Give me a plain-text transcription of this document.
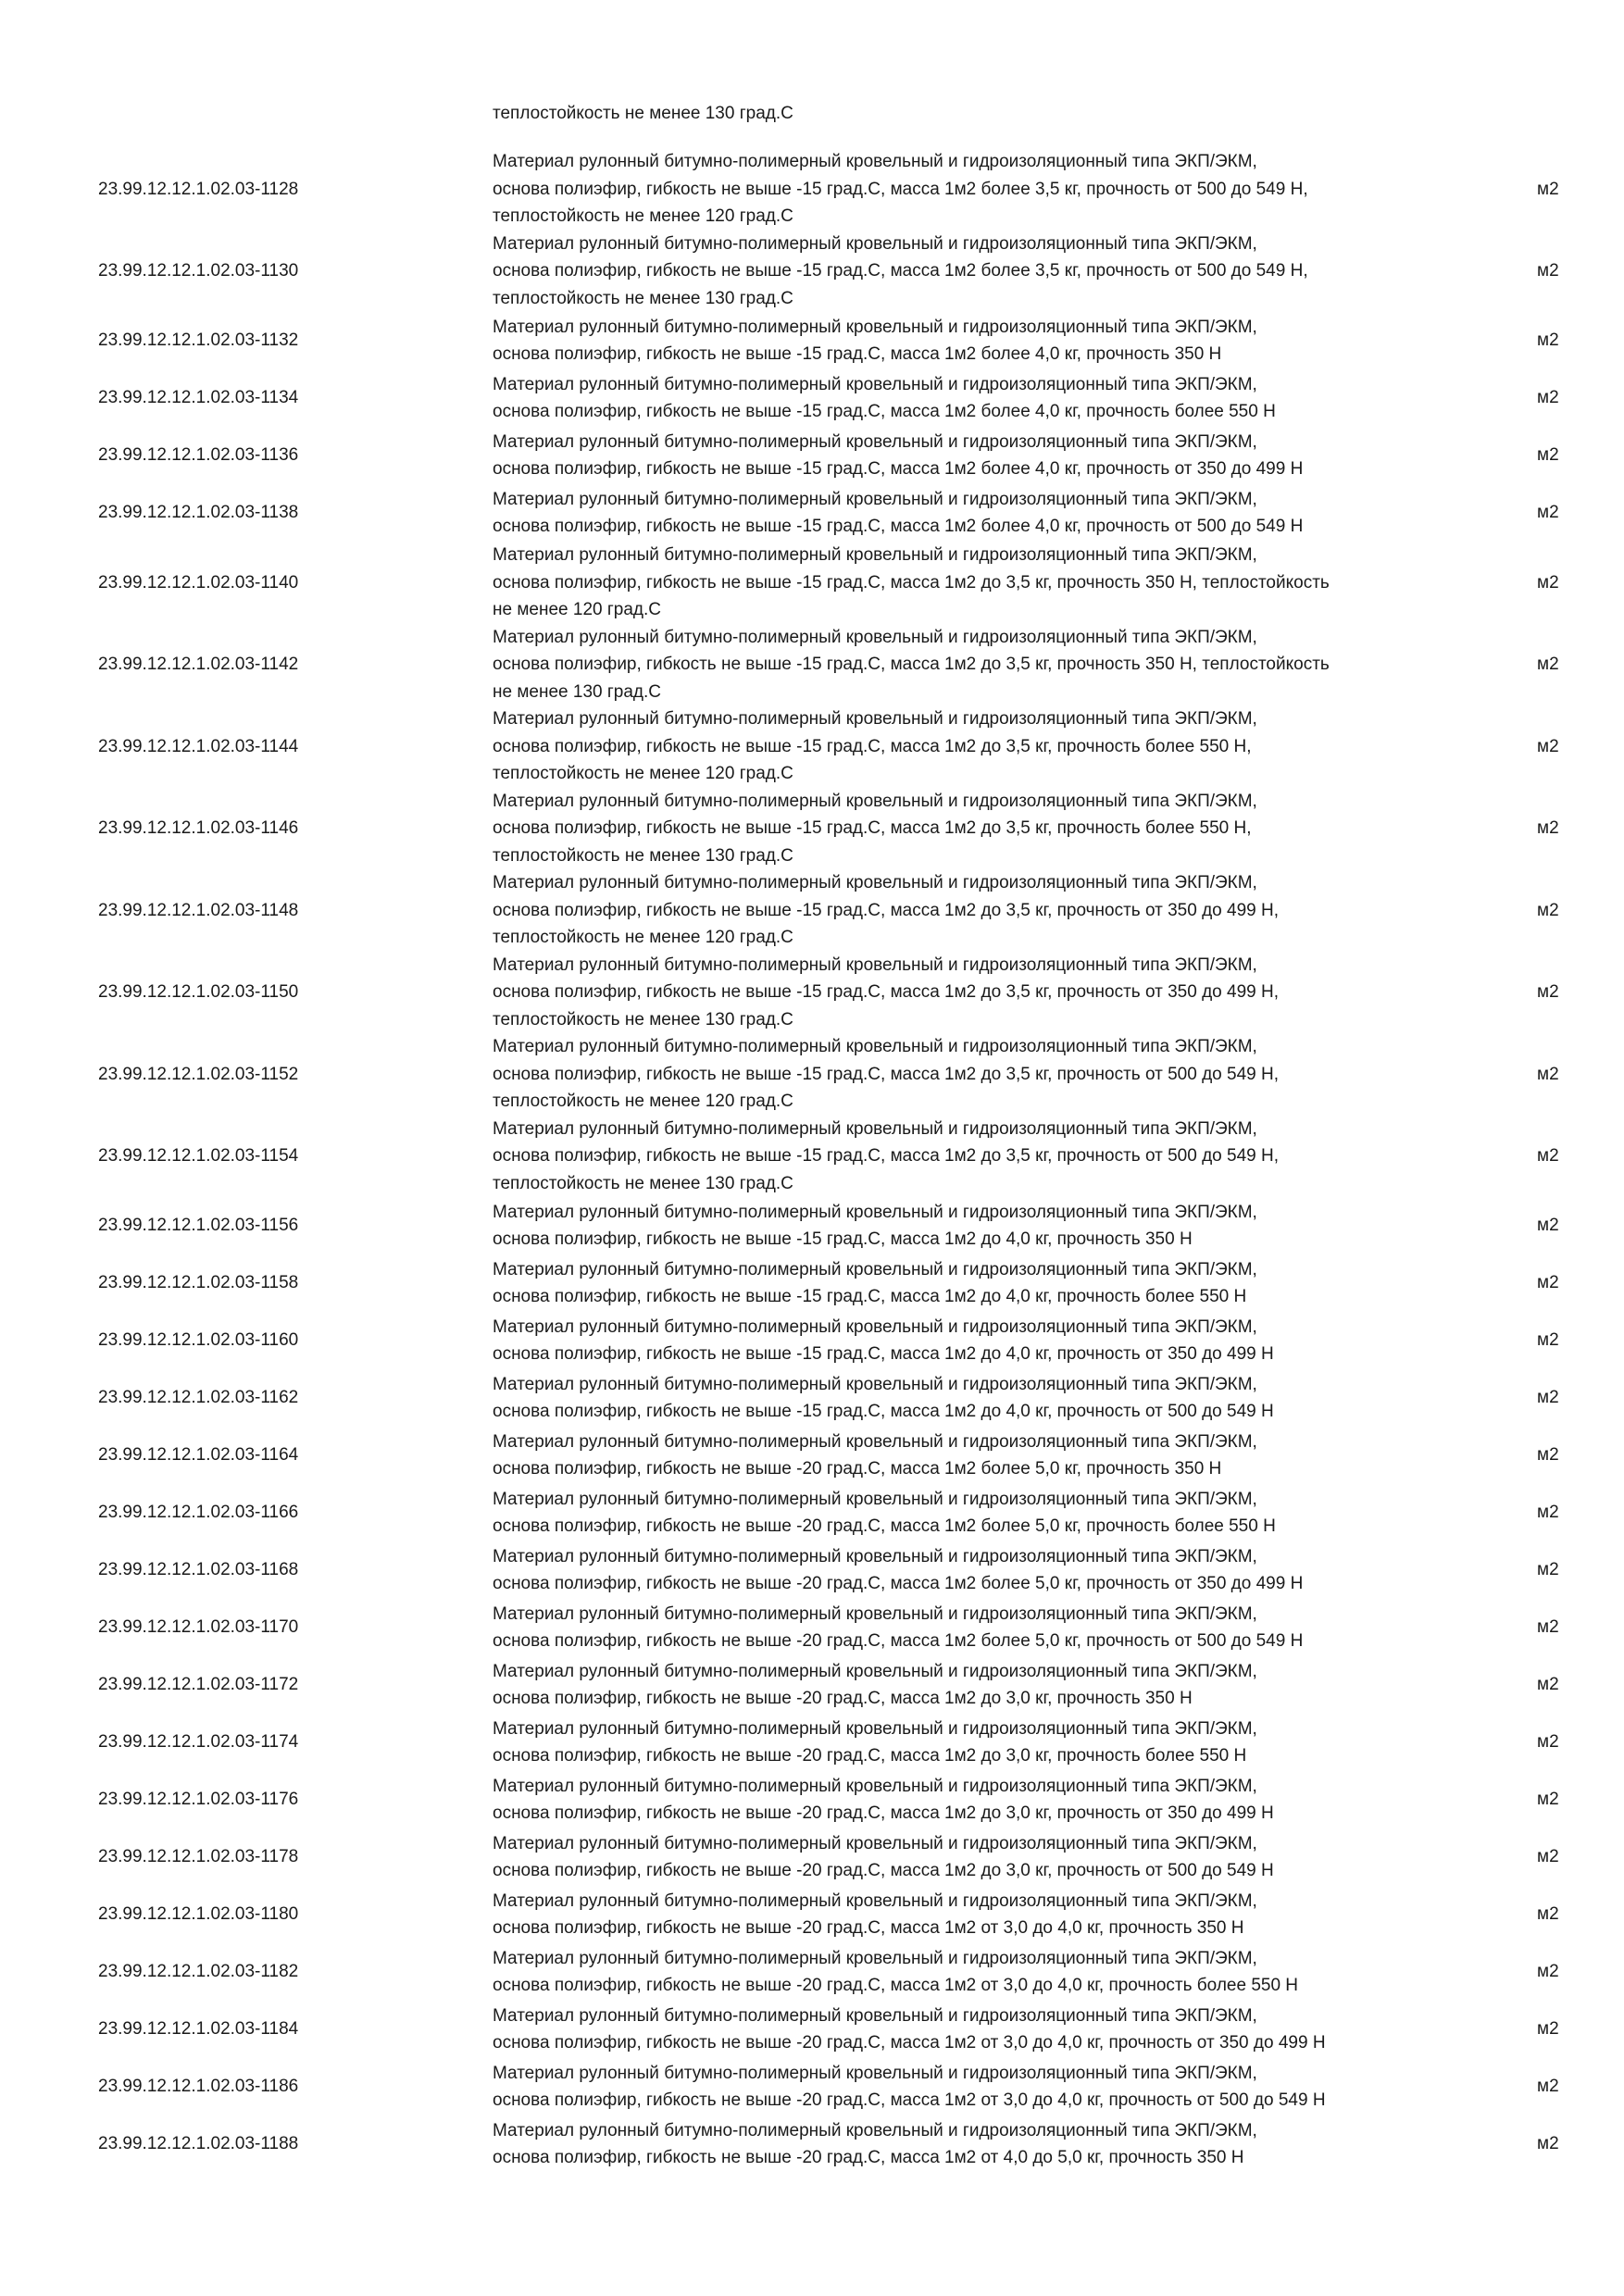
теплостойкость не менее 130 град.С
23.99.12.12.1.02.03-1128	Материал рулонный битумно-полимерный кровельный и гидроизоляционный типа ЭКП/ЭКМ,
основа полиэфир, гибкость не выше -15 град.С, масса 1м2 более 3,5 кг, прочность от 500 до 549 Н,
теплостойкость не менее 120 град.С	м2
23.99.12.12.1.02.03-1130	Материал рулонный битумно-полимерный кровельный и гидроизоляционный типа ЭКП/ЭКМ,
основа полиэфир, гибкость не выше -15 град.С, масса 1м2 более 3,5 кг, прочность от 500 до 549 Н,
теплостойкость не менее 130 град.С	м2
23.99.12.12.1.02.03-1132	Материал рулонный битумно-полимерный кровельный и гидроизоляционный типа ЭКП/ЭКМ,
основа полиэфир, гибкость не выше -15 град.С, масса 1м2 более 4,0 кг, прочность 350 Н	м2
23.99.12.12.1.02.03-1134	Материал рулонный битумно-полимерный кровельный и гидроизоляционный типа ЭКП/ЭКМ,
основа полиэфир, гибкость не выше -15 град.С, масса 1м2 более 4,0 кг, прочность более 550 Н	м2
23.99.12.12.1.02.03-1136	Материал рулонный битумно-полимерный кровельный и гидроизоляционный типа ЭКП/ЭКМ,
основа полиэфир, гибкость не выше -15 град.С, масса 1м2 более 4,0 кг, прочность от 350 до 499 Н	м2
23.99.12.12.1.02.03-1138	Материал рулонный битумно-полимерный кровельный и гидроизоляционный типа ЭКП/ЭКМ,
основа полиэфир, гибкость не выше -15 град.С, масса 1м2 более 4,0 кг, прочность от 500 до 549 Н	м2
23.99.12.12.1.02.03-1140	Материал рулонный битумно-полимерный кровельный и гидроизоляционный типа ЭКП/ЭКМ,
основа полиэфир, гибкость не выше -15 град.С, масса 1м2 до 3,5 кг, прочность 350 Н, теплостойкость
не менее 120 град.С	м2
23.99.12.12.1.02.03-1142	Материал рулонный битумно-полимерный кровельный и гидроизоляционный типа ЭКП/ЭКМ,
основа полиэфир, гибкость не выше -15 град.С, масса 1м2 до 3,5 кг, прочность 350 Н, теплостойкость
не менее 130 град.С	м2
23.99.12.12.1.02.03-1144	Материал рулонный битумно-полимерный кровельный и гидроизоляционный типа ЭКП/ЭКМ,
основа полиэфир, гибкость не выше -15 град.С, масса 1м2 до 3,5 кг, прочность более 550 Н,
теплостойкость не менее 120 град.С	м2
23.99.12.12.1.02.03-1146	Материал рулонный битумно-полимерный кровельный и гидроизоляционный типа ЭКП/ЭКМ,
основа полиэфир, гибкость не выше -15 град.С, масса 1м2 до 3,5 кг, прочность более 550 Н,
теплостойкость не менее 130 град.С	м2
23.99.12.12.1.02.03-1148	Материал рулонный битумно-полимерный кровельный и гидроизоляционный типа ЭКП/ЭКМ,
основа полиэфир, гибкость не выше -15 град.С, масса 1м2 до 3,5 кг, прочность от 350 до 499 Н,
теплостойкость не менее 120 град.С	м2
23.99.12.12.1.02.03-1150	Материал рулонный битумно-полимерный кровельный и гидроизоляционный типа ЭКП/ЭКМ,
основа полиэфир, гибкость не выше -15 град.С, масса 1м2 до 3,5 кг, прочность от 350 до 499 Н,
теплостойкость не менее 130 град.С	м2
23.99.12.12.1.02.03-1152	Материал рулонный битумно-полимерный кровельный и гидроизоляционный типа ЭКП/ЭКМ,
основа полиэфир, гибкость не выше -15 град.С, масса 1м2 до 3,5 кг, прочность от 500 до 549 Н,
теплостойкость не менее 120 град.С	м2
23.99.12.12.1.02.03-1154	Материал рулонный битумно-полимерный кровельный и гидроизоляционный типа ЭКП/ЭКМ,
основа полиэфир, гибкость не выше -15 град.С, масса 1м2 до 3,5 кг, прочность от 500 до 549 Н,
теплостойкость не менее 130 град.С	м2
23.99.12.12.1.02.03-1156	Материал рулонный битумно-полимерный кровельный и гидроизоляционный типа ЭКП/ЭКМ,
основа полиэфир, гибкость не выше -15 град.С, масса 1м2 до 4,0 кг, прочность 350 Н	м2
23.99.12.12.1.02.03-1158	Материал рулонный битумно-полимерный кровельный и гидроизоляционный типа ЭКП/ЭКМ,
основа полиэфир, гибкость не выше -15 град.С, масса 1м2 до 4,0 кг, прочность более 550 Н	м2
23.99.12.12.1.02.03-1160	Материал рулонный битумно-полимерный кровельный и гидроизоляционный типа ЭКП/ЭКМ,
основа полиэфир, гибкость не выше -15 град.С, масса 1м2 до 4,0 кг, прочность от 350 до 499 Н	м2
23.99.12.12.1.02.03-1162	Материал рулонный битумно-полимерный кровельный и гидроизоляционный типа ЭКП/ЭКМ,
основа полиэфир, гибкость не выше -15 град.С, масса 1м2 до 4,0 кг, прочность от 500 до 549 Н	м2
23.99.12.12.1.02.03-1164	Материал рулонный битумно-полимерный кровельный и гидроизоляционный типа ЭКП/ЭКМ,
основа полиэфир, гибкость не выше -20 град.С, масса 1м2 более 5,0 кг, прочность 350 Н	м2
23.99.12.12.1.02.03-1166	Материал рулонный битумно-полимерный кровельный и гидроизоляционный типа ЭКП/ЭКМ,
основа полиэфир, гибкость не выше -20 град.С, масса 1м2 более 5,0 кг, прочность более 550 Н	м2
23.99.12.12.1.02.03-1168	Материал рулонный битумно-полимерный кровельный и гидроизоляционный типа ЭКП/ЭКМ,
основа полиэфир, гибкость не выше -20 град.С, масса 1м2 более 5,0 кг, прочность от 350 до 499 Н	м2
23.99.12.12.1.02.03-1170	Материал рулонный битумно-полимерный кровельный и гидроизоляционный типа ЭКП/ЭКМ,
основа полиэфир, гибкость не выше -20 град.С, масса 1м2 более 5,0 кг, прочность от 500 до 549 Н	м2
23.99.12.12.1.02.03-1172	Материал рулонный битумно-полимерный кровельный и гидроизоляционный типа ЭКП/ЭКМ,
основа полиэфир, гибкость не выше -20 град.С, масса 1м2 до 3,0 кг, прочность 350 Н	м2
23.99.12.12.1.02.03-1174	Материал рулонный битумно-полимерный кровельный и гидроизоляционный типа ЭКП/ЭКМ,
основа полиэфир, гибкость не выше -20 град.С, масса 1м2 до 3,0 кг, прочность более 550 Н	м2
23.99.12.12.1.02.03-1176	Материал рулонный битумно-полимерный кровельный и гидроизоляционный типа ЭКП/ЭКМ,
основа полиэфир, гибкость не выше -20 град.С, масса 1м2 до 3,0 кг, прочность от 350 до 499 Н	м2
23.99.12.12.1.02.03-1178	Материал рулонный битумно-полимерный кровельный и гидроизоляционный типа ЭКП/ЭКМ,
основа полиэфир, гибкость не выше -20 град.С, масса 1м2 до 3,0 кг, прочность от 500 до 549 Н	м2
23.99.12.12.1.02.03-1180	Материал рулонный битумно-полимерный кровельный и гидроизоляционный типа ЭКП/ЭКМ,
основа полиэфир, гибкость не выше -20 град.С, масса 1м2 от 3,0 до 4,0 кг, прочность 350 Н	м2
23.99.12.12.1.02.03-1182	Материал рулонный битумно-полимерный кровельный и гидроизоляционный типа ЭКП/ЭКМ,
основа полиэфир, гибкость не выше -20 град.С, масса 1м2 от 3,0 до 4,0 кг, прочность более 550 Н	м2
23.99.12.12.1.02.03-1184	Материал рулонный битумно-полимерный кровельный и гидроизоляционный типа ЭКП/ЭКМ,
основа полиэфир, гибкость не выше -20 град.С, масса 1м2 от 3,0 до 4,0 кг, прочность от 350 до 499 Н	м2
23.99.12.12.1.02.03-1186	Материал рулонный битумно-полимерный кровельный и гидроизоляционный типа ЭКП/ЭКМ,
основа полиэфир, гибкость не выше -20 град.С, масса 1м2 от 3,0 до 4,0 кг, прочность от 500 до 549 Н	м2
23.99.12.12.1.02.03-1188	Материал рулонный битумно-полимерный кровельный и гидроизоляционный типа ЭКП/ЭКМ,
основа полиэфир, гибкость не выше -20 град.С, масса 1м2 от 4,0 до 5,0 кг, прочность 350 Н	м2
